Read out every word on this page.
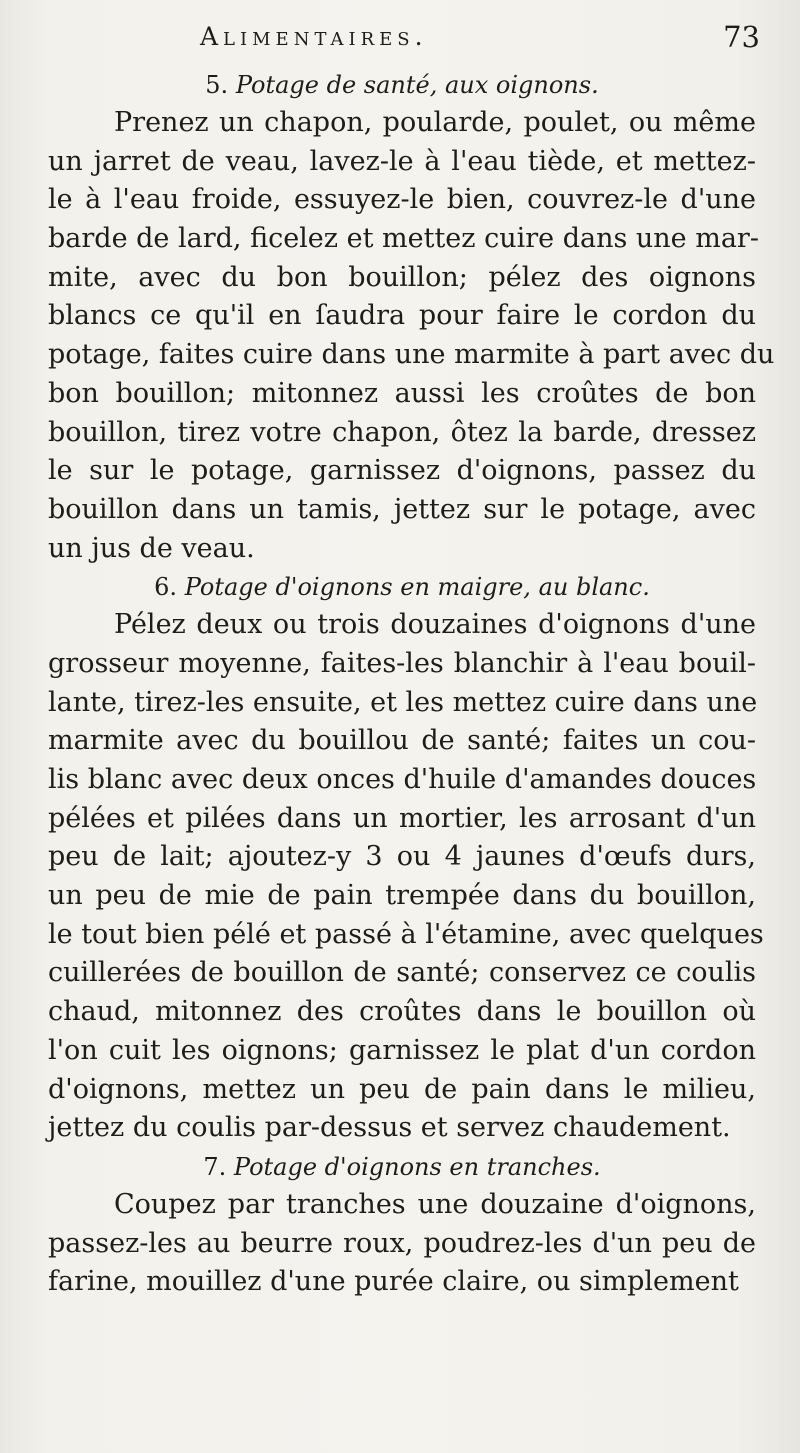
Alimentaires.	73
5. Potage de santé, aux oignons.
Prenez un chapon, poularde, poulet, ou même
un jarret de veau, lavez-le à l'eau tiède, et mettez-
le à l'eau froide, essuyez-le bien, couvrez-le d'une
barde de lard, ficelez et mettez cuire dans une mar-
mite, avec du bon bouillon; pélez des oignons
blancs ce qu'il en ſaudra pour faire le cordon du
potage, faites cuire dans une marmite à part avec du
bon bouillon; mitonnez aussi les croûtes de bon
bouillon, tirez votre chapon, ôtez la barde, dressez
le sur le potage, garnissez d'oignons, passez du
bouillon dans un tamis, jettez sur le potage, avec
un jus de veau.
6. Potage d'oignons en maigre, au blanc.
Pélez deux ou trois douzaines d'oignons d'une
grosseur moyenne, faites-les blanchir à l'eau bouil-
lante, tirez-les ensuite, et les mettez cuire dans une
marmite avec du bouillou de santé; faites un cou-
lis blanc avec deux onces d'huile d'amandes douces
pélées et pilées dans un mortier, les arrosant d'un
peu de lait; ajoutez-y 3 ou 4 jaunes d'œufs durs,
un peu de mie de pain trempée dans du bouillon,
le tout bien pélé et passé à l'étamine, avec quelques
cuillerées de bouillon de santé; conservez ce coulis
chaud, mitonnez des croûtes dans le bouillon où
l'on cuit les oignons; garnissez le plat d'un cordon
d'oignons, mettez un peu de pain dans le milieu,
jettez du coulis par-dessus et servez chaudement.
7. Potage d'oignons en tranches.
Coupez par tranches une douzaine d'oignons,
passez-les au beurre roux, poudrez-les d'un peu de
farine, mouillez d'une purée claire, ou simplement
